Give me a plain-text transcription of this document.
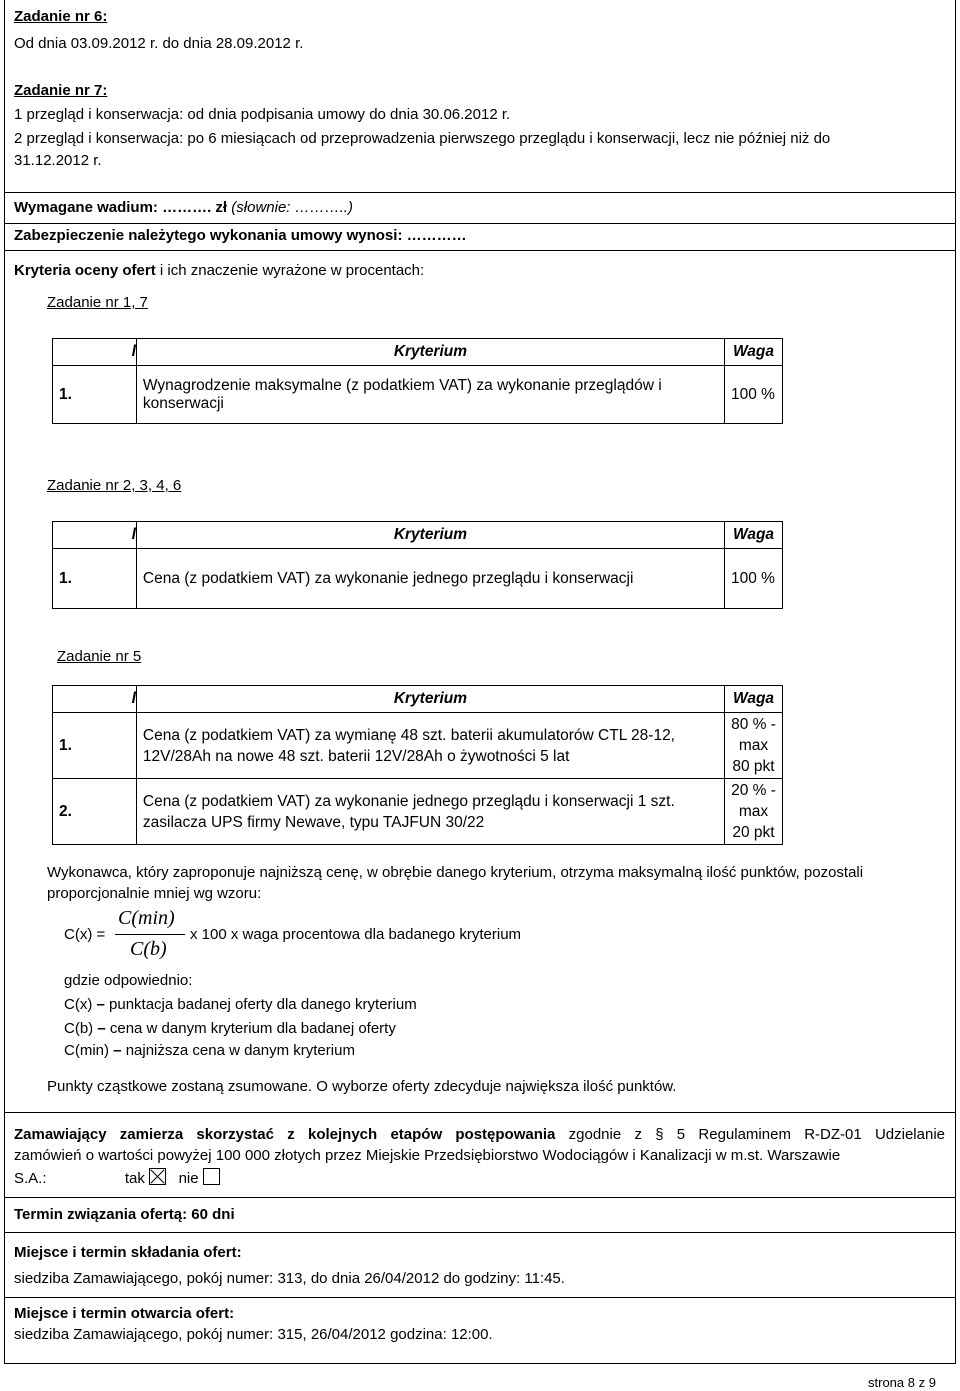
Zadanie nr 6:
Od dnia 03.09.2012 r. do dnia 28.09.2012 r.
Zadanie nr 7:
1 przegląd i konserwacja: od dnia podpisania umowy do dnia 30.06.2012 r.
2 przegląd i konserwacja: po 6 miesiącach od przeprowadzenia pierwszego przeglądu i konserwacji, lecz nie później niż do
31.12.2012 r.
Wymagane wadium: ………. zł (słownie: ………..)
Zabezpieczenie należytego wykonania umowy wynosi: …………
Kryteria oceny ofert i ich znaczenie wyrażone w procentach:
Zadanie nr 1, 7
l	Kryterium	Waga
1.	Wynagrodzenie maksymalne (z podatkiem VAT) za wykonanie przeglądów i konserwacji	100 %
Zadanie nr 2, 3, 4, 6
l	Kryterium	Waga
1.	Cena (z podatkiem VAT) za wykonanie jednego przeglądu i konserwacji	100 %
Zadanie nr 5
l	Kryterium	Waga
1.	Cena (z podatkiem VAT) za wymianę 48 szt. baterii akumulatorów CTL 28-12, 12V/28Ah na nowe 48 szt. baterii 12V/28Ah o żywotności 5 lat	80 % - max 80 pkt
2.	Cena (z podatkiem VAT) za wykonanie jednego przeglądu i konserwacji 1 szt. zasilacza UPS firmy Newave, typu TAJFUN 30/22	20 % - max 20 pkt
Wykonawca, który zaproponuje najniższą cenę, w obrębie danego kryterium, otrzyma maksymalną ilość punktów, pozostali
proporcjonalnie mniej wg wzoru:
C(x) =
C(min)
C(b)
x 100 x waga procentowa dla badanego kryterium
gdzie odpowiednio:
C(x) – punktacja badanej oferty dla danego kryterium
C(b) – cena w danym kryterium dla badanej oferty
C(min) – najniższa cena w danym kryterium
Punkty cząstkowe zostaną zsumowane. O wyborze oferty zdecyduje największa ilość punktów.
Zamawiający zamierza skorzystać z kolejnych etapów postępowania zgodnie z § 5 Regulaminem R-DZ-01 Udzielanie
zamówień o wartości powyżej 100 000 złotych przez Miejskie Przedsiębiorstwo Wodociągów i Kanalizacji w m.st. Warszawie
S.A.:	tak nie
Termin związania ofertą: 60 dni
Miejsce i termin składania ofert:
siedziba Zamawiającego, pokój numer: 313, do dnia 26/04/2012 do godziny: 11:45.
Miejsce i termin otwarcia ofert:
siedziba Zamawiającego, pokój numer: 315, 26/04/2012 godzina: 12:00.
strona 8 z 9
